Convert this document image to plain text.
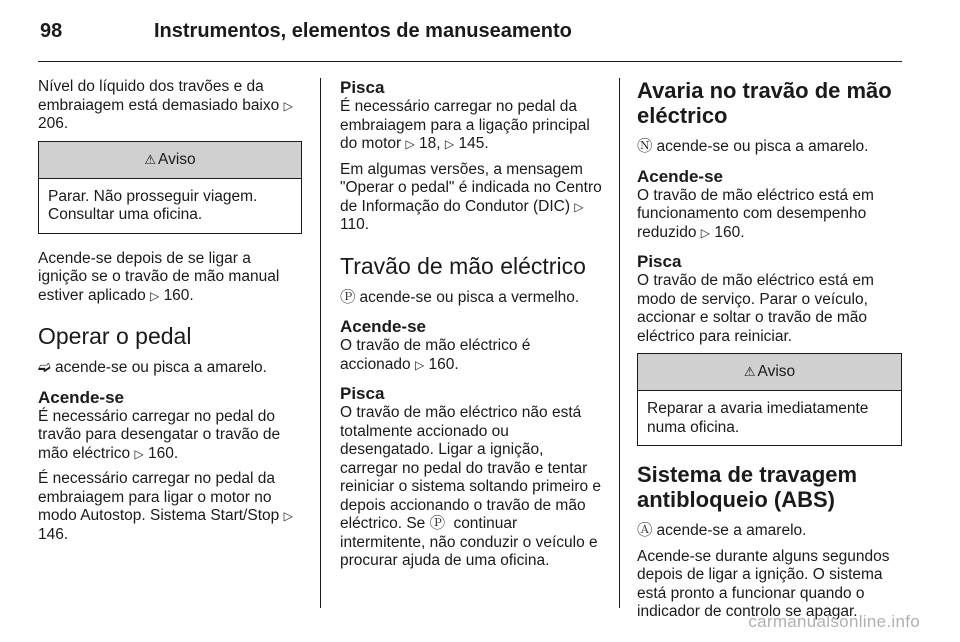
98	Instrumentos, elementos de manuseamento

Nível do líquido dos travões e da embraiagem está demasiado baixo ▷ 206.

⚠ Aviso
Parar. Não prosseguir viagem. Consultar uma oficina.

Acende-se depois de se ligar a ignição se o travão de mão manual estiver aplicado ▷ 160.

Operar o pedal

➫ acende-se ou pisca a amarelo.

Acende-se

É necessário carregar no pedal do travão para desengatar o travão de mão eléctrico ▷ 160.

É necessário carregar no pedal da embraiagem para ligar o motor no modo Autostop. Sistema Start/Stop ▷ 146.

Pisca

É necessário carregar no pedal da embraiagem para a ligação principal do motor ▷ 18, ▷ 145.

Em algumas versões, a mensagem "Operar o pedal" é indicada no Centro de Informação do Condutor (DIC) ▷ 110.

Travão de mão eléctrico

Ⓟ acende-se ou pisca a vermelho.

Acende-se

O travão de mão eléctrico é accionado ▷ 160.

Pisca

O travão de mão eléctrico não está totalmente accionado ou desengatado. Ligar a ignição, carregar no pedal do travão e tentar reiniciar o sistema soltando primeiro e depois accionando o travão de mão eléctrico. Se Ⓟ continuar intermitente, não conduzir o veículo e procurar ajuda de uma oficina.

Avaria no travão de mão eléctrico

Ⓝ acende-se ou pisca a amarelo.

Acende-se

O travão de mão eléctrico está em funcionamento com desempenho reduzido ▷ 160.

Pisca

O travão de mão eléctrico está em modo de serviço. Parar o veículo, accionar e soltar o travão de mão eléctrico para reiniciar.

⚠ Aviso
Reparar a avaria imediatamente numa oficina.
Sistema de travagem antibloqueio (ABS)

Ⓐ acende-se a amarelo.

Acende-se durante alguns segundos depois de ligar a ignição. O sistema está pronto a funcionar quando o indicador de controlo se apagar.

carmanualsonline.info
